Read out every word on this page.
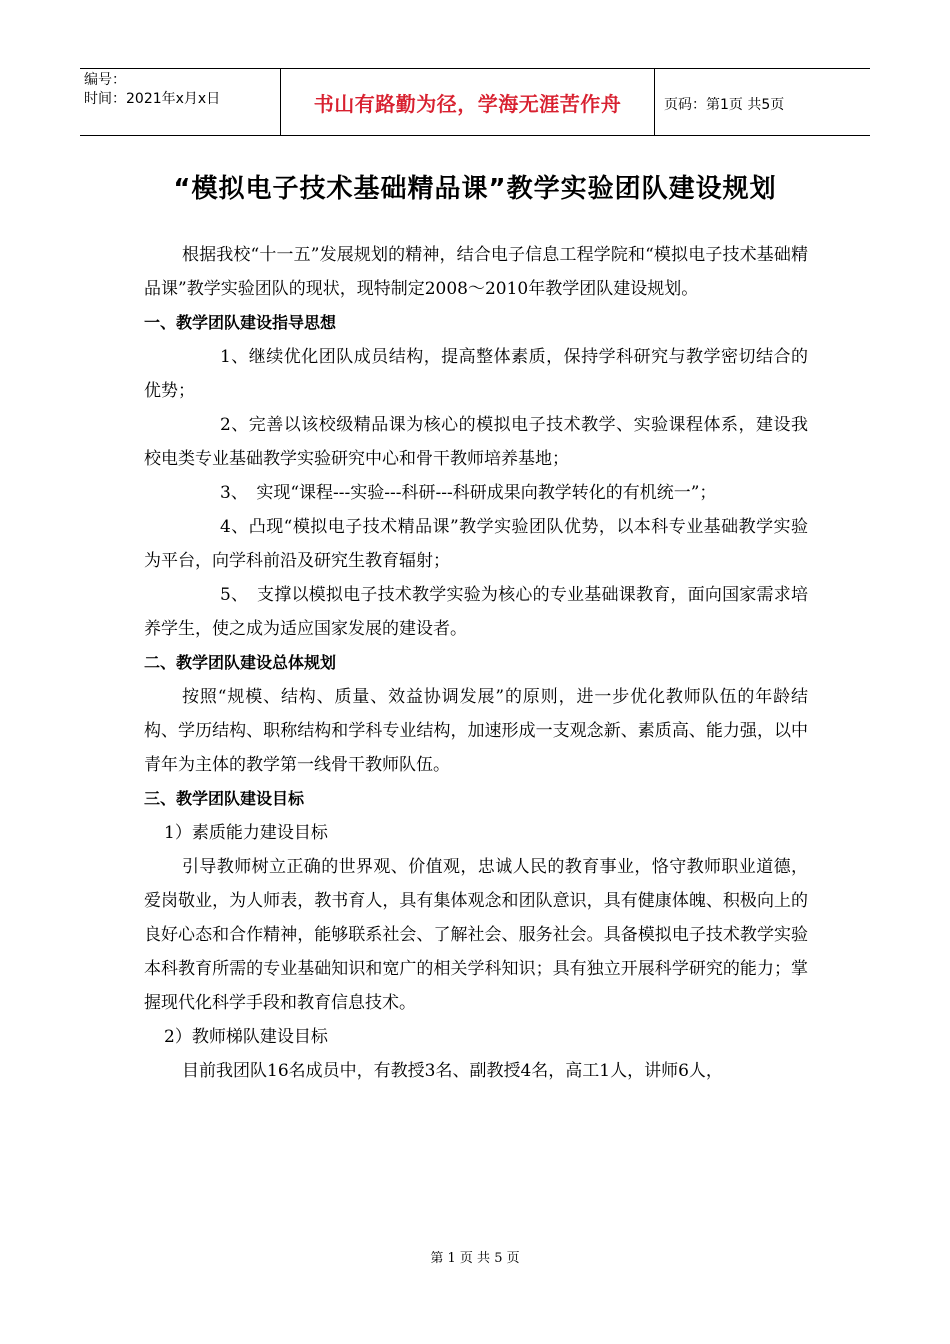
编号：
时间：2021年x月x日	书山有路勤为径，学海无涯苦作舟	页码：第1页 共5页
“模拟电子技术基础精品课”教学实验团队建设规划

根据我校“十一五”发展规划的精神，结合电子信息工程学院和“模拟电子技术基础精品课”教学实验团队的现状，现特制定2008～2010年教学团队建设规划。

一、教学团队建设指导思想

1、继续优化团队成员结构，提高整体素质，保持学科研究与教学密切结合的优势；

2、完善以该校级精品课为核心的模拟电子技术教学、实验课程体系，建设我校电类专业基础教学实验研究中心和骨干教师培养基地；

3、　实现“课程---实验---科研---科研成果向教学转化的有机统一”；

4、凸现“模拟电子技术精品课”教学实验团队优势，以本科专业基础教学实验为平台，向学科前沿及研究生教育辐射；

5、　支撑以模拟电子技术教学实验为核心的专业基础课教育，面向国家需求培养学生，使之成为适应国家发展的建设者。

二、教学团队建设总体规划

按照“规模、结构、质量、效益协调发展”的原则，进一步优化教师队伍的年龄结构、学历结构、职称结构和学科专业结构，加速形成一支观念新、素质高、能力强，以中青年为主体的教学第一线骨干教师队伍。

三、教学团队建设目标

1）素质能力建设目标

引导教师树立正确的世界观、价值观，忠诚人民的教育事业，恪守教师职业道德，爱岗敬业，为人师表，教书育人，具有集体观念和团队意识，具有健康体魄、积极向上的良好心态和合作精神，能够联系社会、了解社会、服务社会。具备模拟电子技术教学实验本科教育所需的专业基础知识和宽广的相关学科知识；具有独立开展科学研究的能力；掌握现代化科学手段和教育信息技术。

2）教师梯队建设目标

目前我团队16名成员中，有教授3名、副教授4名，高工1人，讲师6人，

第 1 页 共 5 页
